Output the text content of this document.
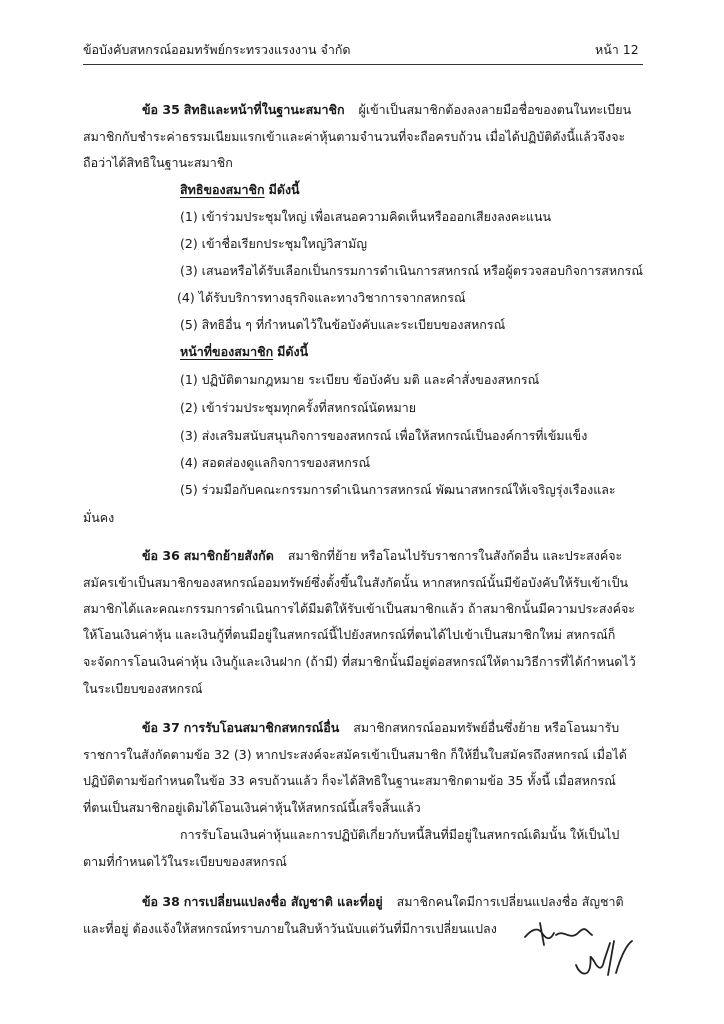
ข้อบังคับสหกรณ์ออมทรัพย์กระทรวงแรงงาน จำกัด	หน้า 12
ข้อ 35 สิทธิและหน้าที่ในฐานะสมาชิก ผู้เข้าเป็นสมาชิกต้องลงลายมือชื่อของตนในทะเบียน
สมาชิกกับชำระค่าธรรมเนียมแรกเข้าและค่าหุ้นตามจำนวนที่จะถือครบถ้วน เมื่อได้ปฏิบัติดังนี้แล้วจึงจะ
ถือว่าได้สิทธิในฐานะสมาชิก
สิทธิของสมาชิก มีดังนี้
(1) เข้าร่วมประชุมใหญ่ เพื่อเสนอความคิดเห็นหรือออกเสียงลงคะแนน
(2) เข้าชื่อเรียกประชุมใหญ่วิสามัญ
(3) เสนอหรือได้รับเลือกเป็นกรรมการดำเนินการสหกรณ์ หรือผู้ตรวจสอบกิจการสหกรณ์
(4) ได้รับบริการทางธุรกิจและทางวิชาการจากสหกรณ์
(5) สิทธิอื่น ๆ ที่กำหนดไว้ในข้อบังคับและระเบียบของสหกรณ์
หน้าที่ของสมาชิก มีดังนี้
(1) ปฏิบัติตามกฎหมาย ระเบียบ ข้อบังคับ มติ และคำสั่งของสหกรณ์
(2) เข้าร่วมประชุมทุกครั้งที่สหกรณ์นัดหมาย
(3) ส่งเสริมสนับสนุนกิจการของสหกรณ์ เพื่อให้สหกรณ์เป็นองค์การที่เข้มแข็ง
(4) สอดส่องดูแลกิจการของสหกรณ์
(5) ร่วมมือกับคณะกรรมการดำเนินการสหกรณ์ พัฒนาสหกรณ์ให้เจริญรุ่งเรืองและ
มั่นคง
ข้อ 36 สมาชิกย้ายสังกัด สมาชิกที่ย้าย หรือโอนไปรับราชการในสังกัดอื่น และประสงค์จะ
สมัครเข้าเป็นสมาชิกของสหกรณ์ออมทรัพย์ซึ่งตั้งขึ้นในสังกัดนั้น หากสหกรณ์นั้นมีข้อบังคับให้รับเข้าเป็น
สมาชิกได้และคณะกรรมการดำเนินการได้มีมติให้รับเข้าเป็นสมาชิกแล้ว ถ้าสมาชิกนั้นมีความประสงค์จะ
ให้โอนเงินค่าหุ้น และเงินกู้ที่ตนมีอยู่ในสหกรณ์นี้ไปยังสหกรณ์ที่ตนได้ไปเข้าเป็นสมาชิกใหม่ สหกรณ์ก็
จะจัดการโอนเงินค่าหุ้น เงินกู้และเงินฝาก (ถ้ามี) ที่สมาชิกนั้นมีอยู่ต่อสหกรณ์ให้ตามวิธีการที่ได้กำหนดไว้
ในระเบียบของสหกรณ์
ข้อ 37 การรับโอนสมาชิกสหกรณ์อื่น สมาชิกสหกรณ์ออมทรัพย์อื่นซึ่งย้าย หรือโอนมารับ
ราชการในสังกัดตามข้อ 32 (3) หากประสงค์จะสมัครเข้าเป็นสมาชิก ก็ให้ยื่นใบสมัครถึงสหกรณ์ เมื่อได้
ปฏิบัติตามข้อกำหนดในข้อ 33 ครบถ้วนแล้ว ก็จะได้สิทธิในฐานะสมาชิกตามข้อ 35 ทั้งนี้ เมื่อสหกรณ์
ที่ตนเป็นสมาชิกอยู่เดิมได้โอนเงินค่าหุ้นให้สหกรณ์นี้เสร็จสิ้นแล้ว
การรับโอนเงินค่าหุ้นและการปฏิบัติเกี่ยวกับหนี้สินที่มีอยู่ในสหกรณ์เดิมนั้น ให้เป็นไป
ตามที่กำหนดไว้ในระเบียบของสหกรณ์
ข้อ 38 การเปลี่ยนแปลงชื่อ สัญชาติ และที่อยู่ สมาชิกคนใดมีการเปลี่ยนแปลงชื่อ สัญชาติ
และที่อยู่ ต้องแจ้งให้สหกรณ์ทราบภายในสิบห้าวันนับแต่วันที่มีการเปลี่ยนแปลง
